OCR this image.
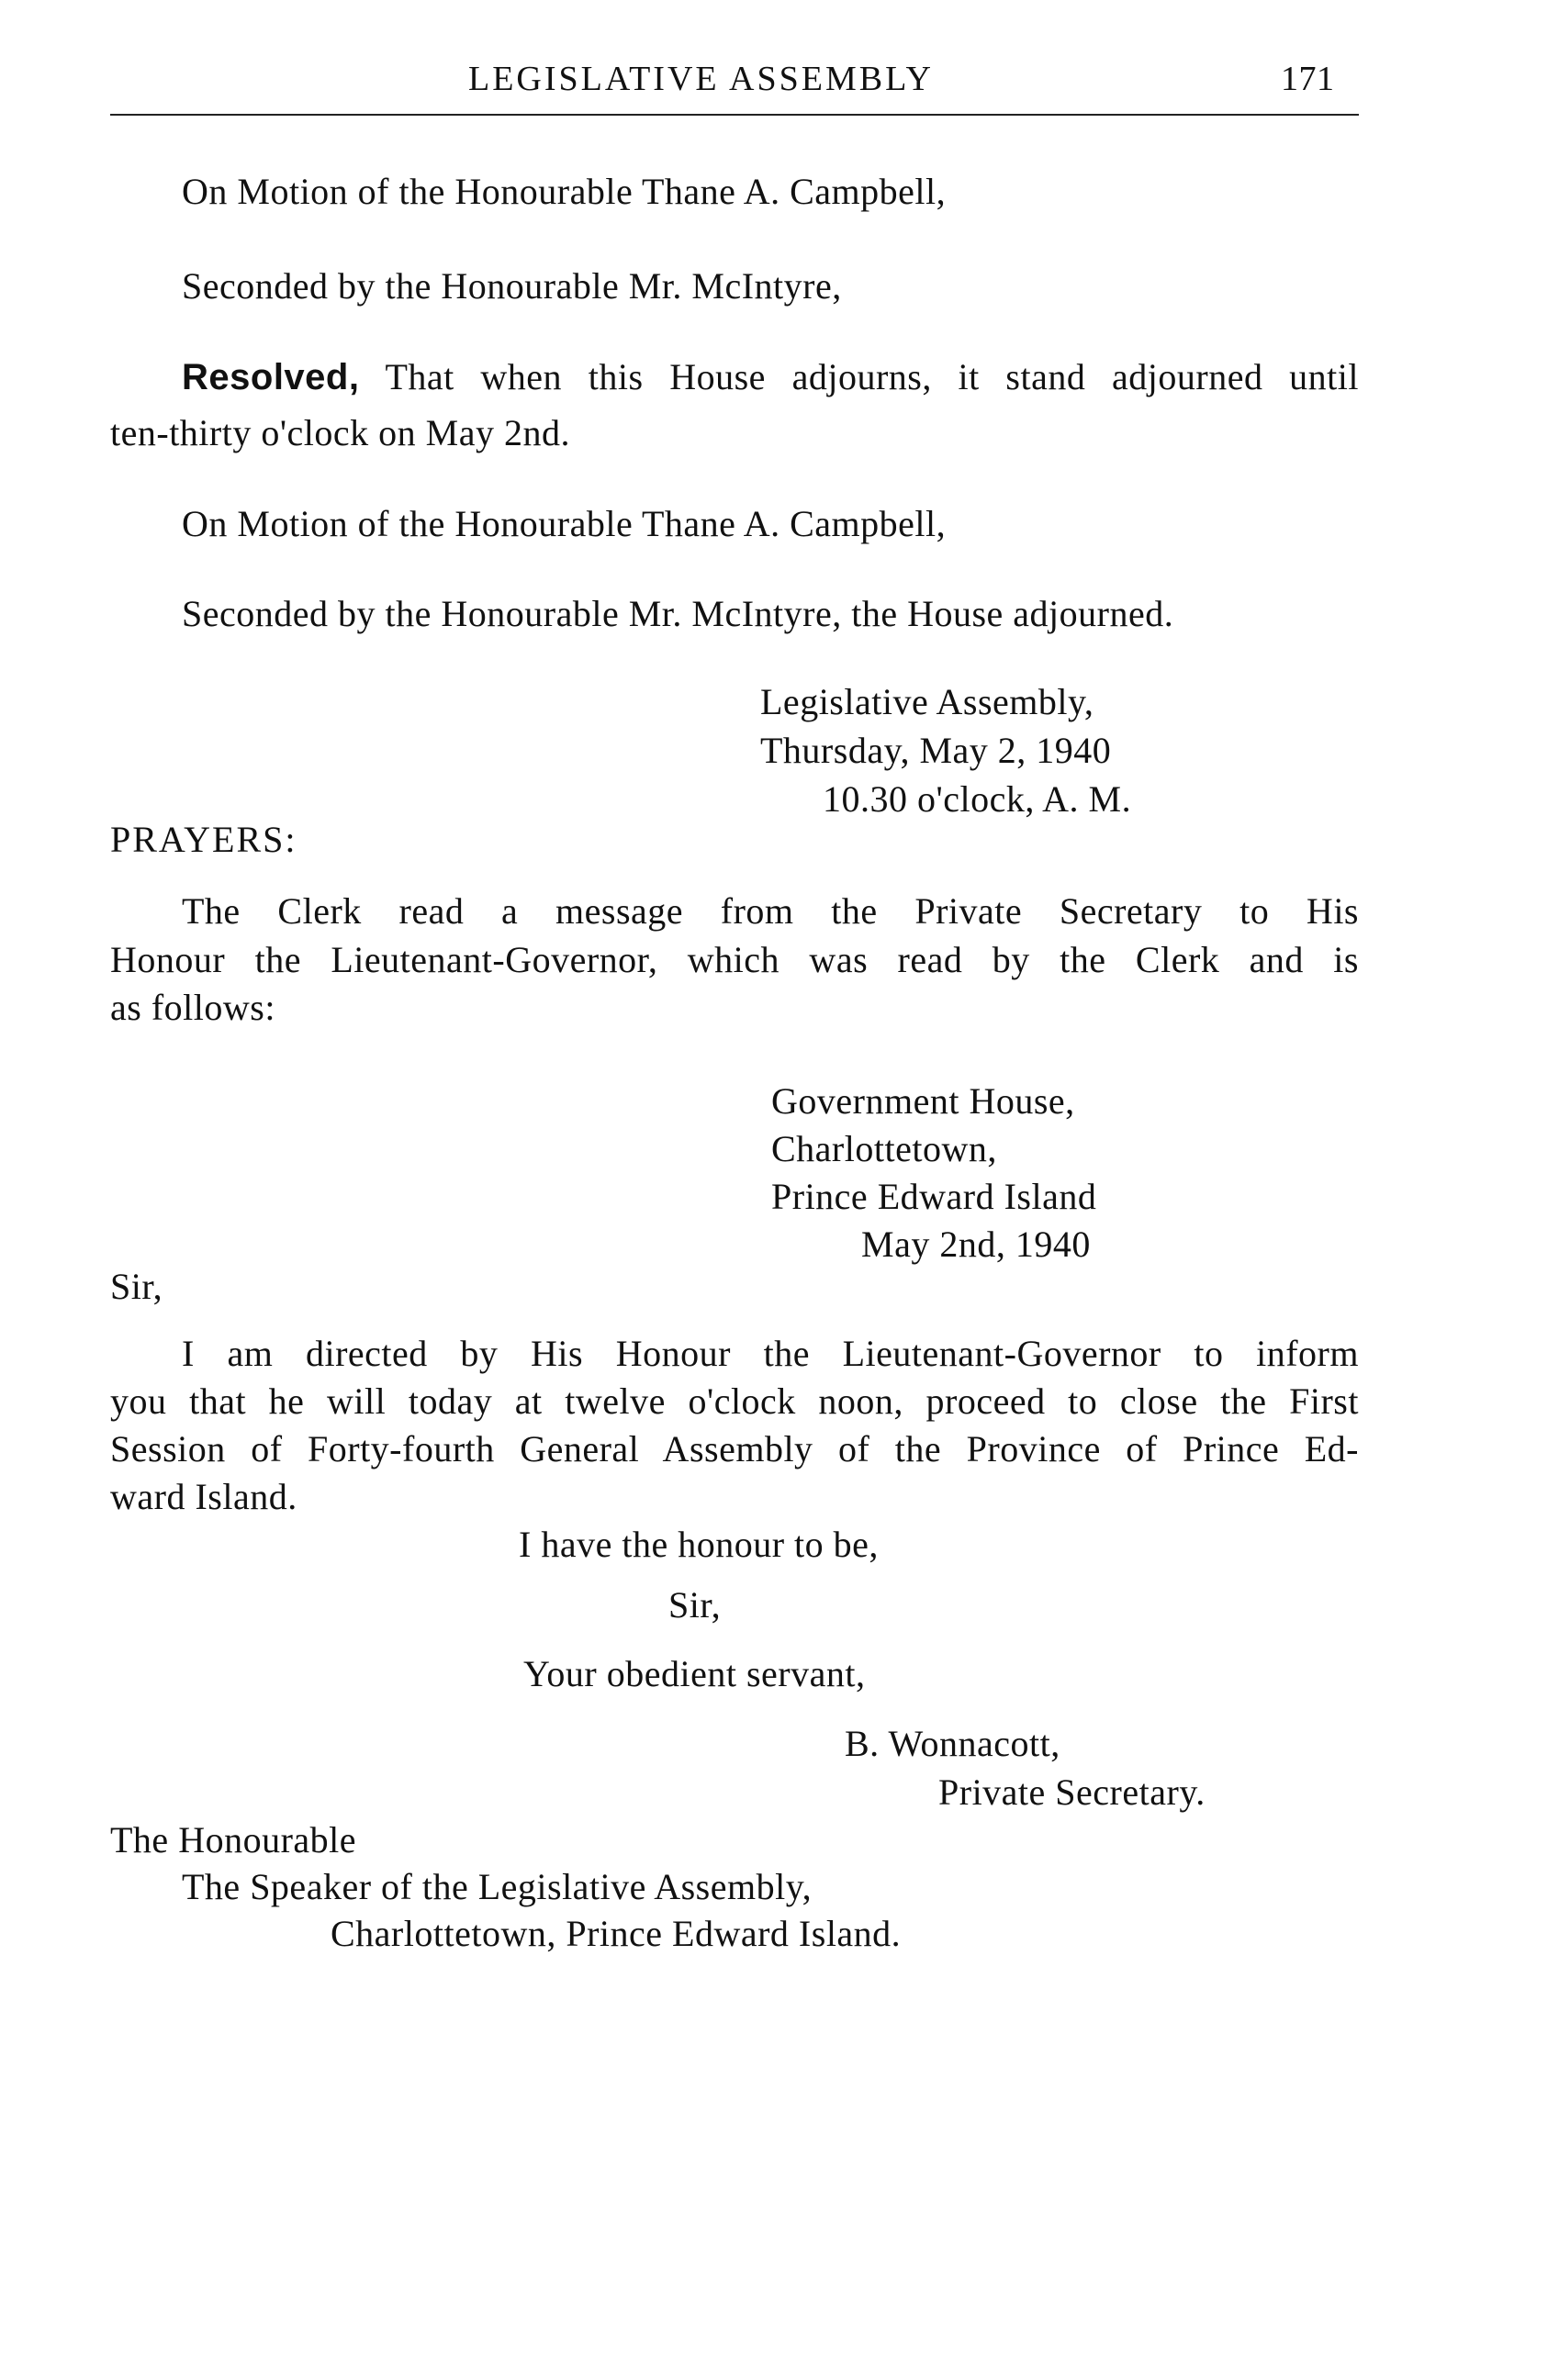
LEGISLATIVE ASSEMBLY	171
On Motion of the Honourable Thane A. Campbell,
Seconded by the Honourable Mr. McIntyre,
Resolved, That when this House adjourns, it stand adjourned until
ten-thirty o'clock on May 2nd.
On Motion of the Honourable Thane A. Campbell,
Seconded by the Honourable Mr. McIntyre, the House adjourned.
Legislative Assembly,
Thursday, May 2, 1940
10.30 o'clock, A. M.
PRAYERS:
The Clerk read a message from the Private Secretary to His
Honour the Lieutenant-Governor, which was read by the Clerk and is
as follows:
Government House,
Charlottetown,
Prince Edward Island
May 2nd, 1940
Sir,
I am directed by His Honour the Lieutenant-Governor to inform
you that he will today at twelve o'clock noon, proceed to close the First
Session of Forty-fourth General Assembly of the Province of Prince Ed-
ward Island.
I have the honour to be,
Sir,
Your obedient servant,
B. Wonnacott,
Private Secretary.
The Honourable
The Speaker of the Legislative Assembly,
Charlottetown, Prince Edward Island.
